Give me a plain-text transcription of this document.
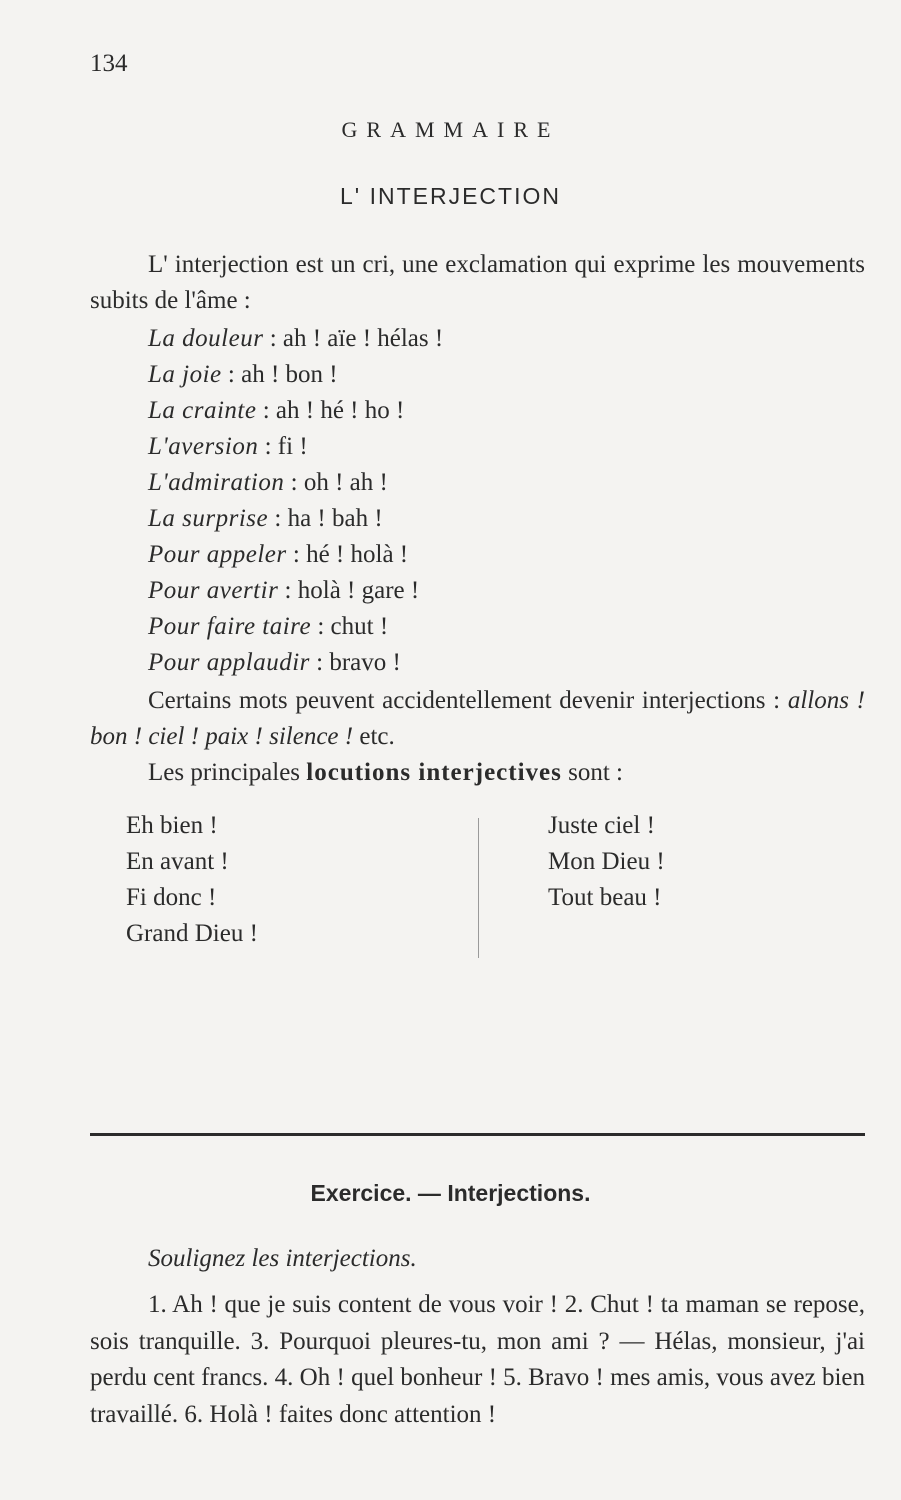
134
GRAMMAIRE
L' INTERJECTION
L' interjection est un cri, une exclamation qui exprime les mouvements subits de l'âme :
La douleur : ah ! aïe ! hélas !
La joie : ah ! bon !
La crainte : ah ! hé ! ho !
L'aversion : fi !
L'admiration : oh ! ah !
La surprise : ha ! bah !
Pour appeler : hé ! holà !
Pour avertir : holà ! gare !
Pour faire taire : chut !
Pour applaudir : bravo !
Certains mots peuvent accidentellement devenir interjections : allons ! bon ! ciel ! paix ! silence ! etc.
Les principales locutions interjectives sont :
Eh bien !
En avant !
Fi donc !
Grand Dieu !
Juste ciel !
Mon Dieu !
Tout beau !
Exercice. — Interjections.
Soulignez les interjections.
1. Ah ! que je suis content de vous voir ! 2. Chut ! ta maman se repose, sois tranquille. 3. Pourquoi pleures-tu, mon ami ? — Hélas, monsieur, j'ai perdu cent francs. 4. Oh ! quel bonheur ! 5. Bravo ! mes amis, vous avez bien travaillé. 6. Holà ! faites donc attention !
